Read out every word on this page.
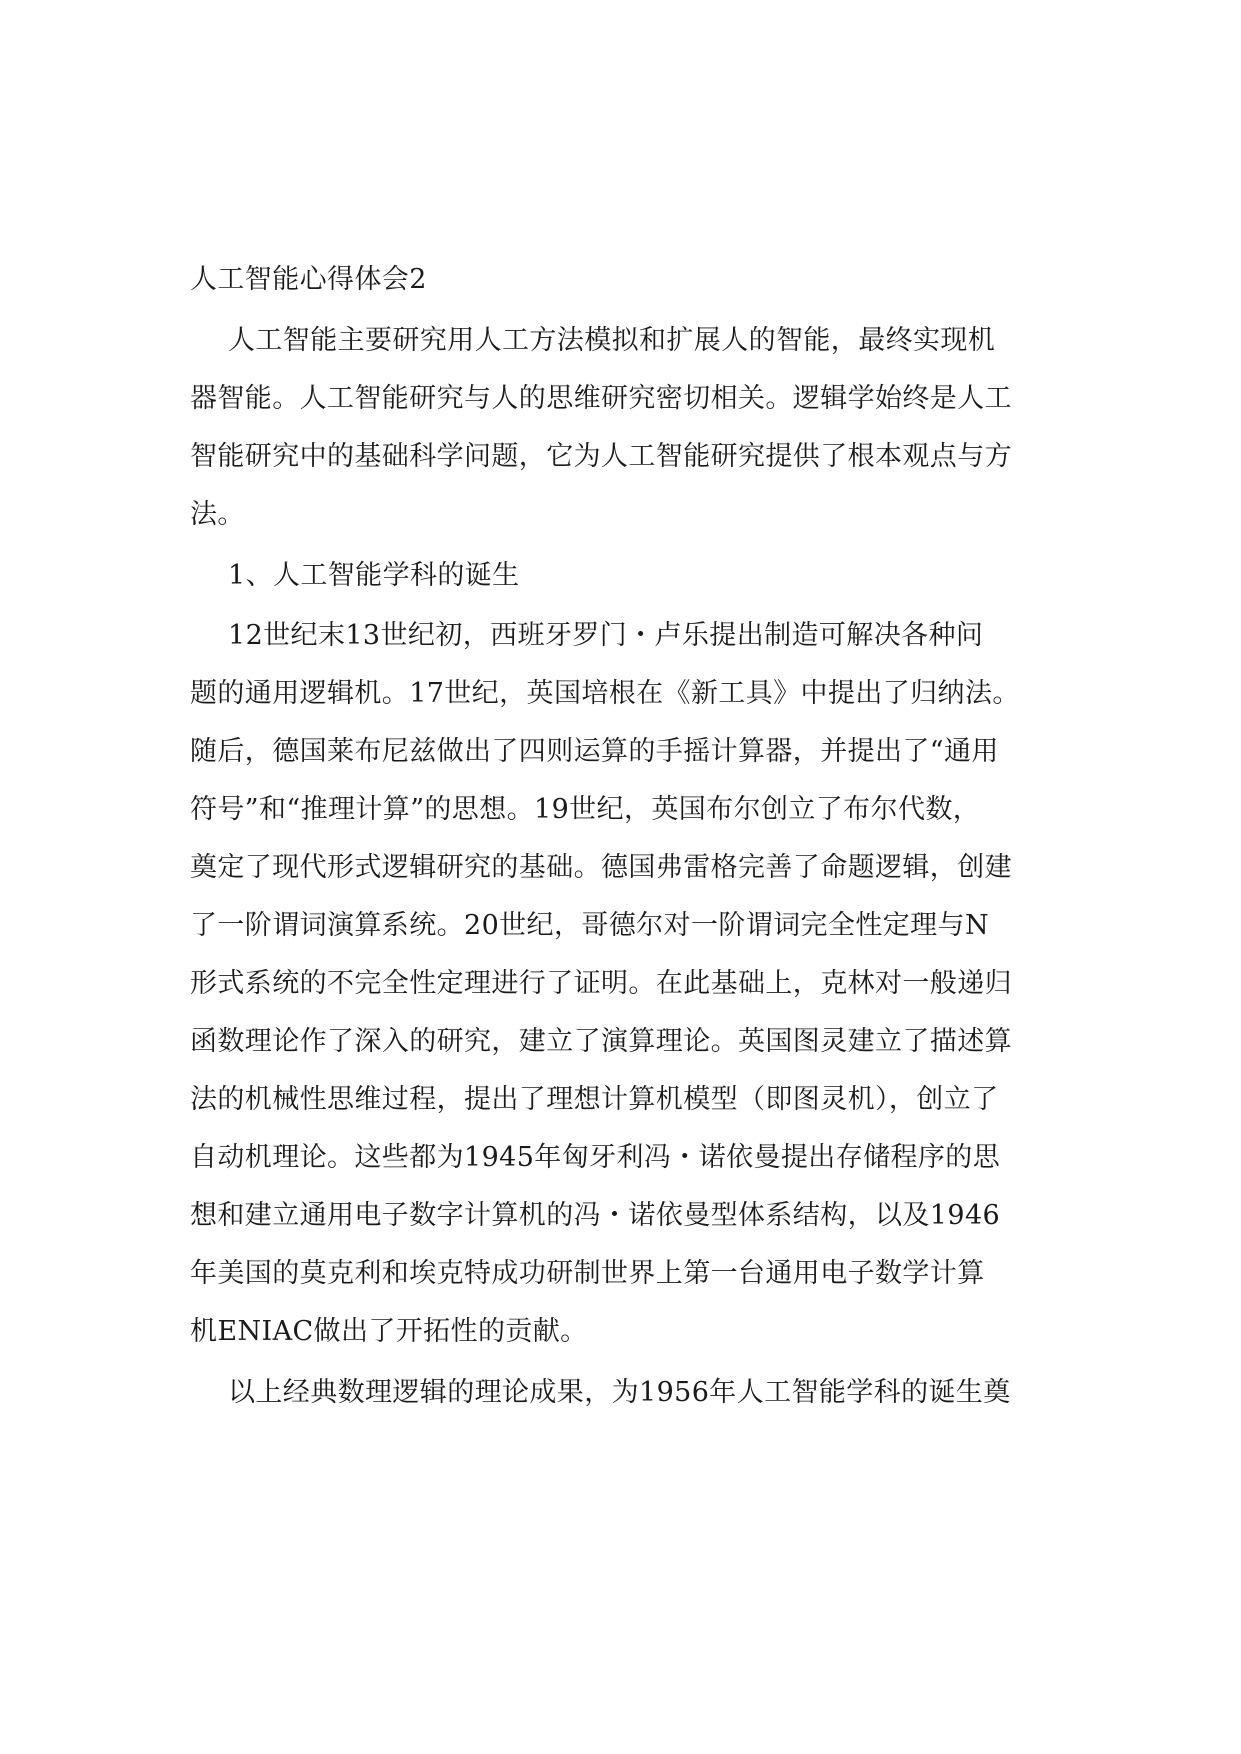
人工智能心得体会2
人工智能主要研究用人工方法模拟和扩展人的智能，最终实现机
器智能。人工智能研究与人的思维研究密切相关。逻辑学始终是人工
智能研究中的基础科学问题，它为人工智能研究提供了根本观点与方
法。
1、人工智能学科的诞生
12世纪末13世纪初，西班牙罗门・卢乐提出制造可解决各种问
题的通用逻辑机。17世纪，英国培根在《新工具》中提出了归纳法。
随后，德国莱布尼兹做出了四则运算的手摇计算器，并提出了“通用
符号”和“推理计算”的思想。19世纪，英国布尔创立了布尔代数，
奠定了现代形式逻辑研究的基础。德国弗雷格完善了命题逻辑，创建
了一阶谓词演算系统。20世纪，哥德尔对一阶谓词完全性定理与N
形式系统的不完全性定理进行了证明。在此基础上，克林对一般递归
函数理论作了深入的研究，建立了演算理论。英国图灵建立了描述算
法的机械性思维过程，提出了理想计算机模型（即图灵机），创立了
自动机理论。这些都为1945年匈牙利冯・诺依曼提出存储程序的思
想和建立通用电子数字计算机的冯・诺依曼型体系结构，以及1946
年美国的莫克利和埃克特成功研制世界上第一台通用电子数学计算
机ENIAC做出了开拓性的贡献。
以上经典数理逻辑的理论成果，为1956年人工智能学科的诞生奠
